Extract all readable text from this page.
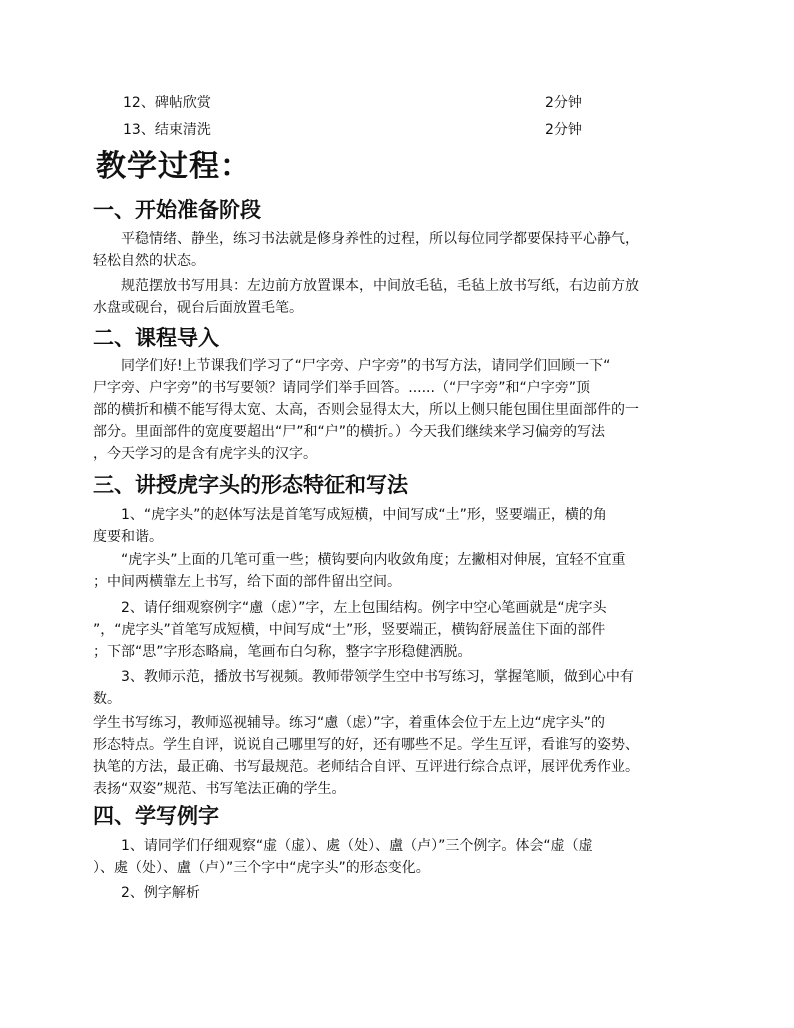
12、碑帖欣赏	2分钟
13、结束清洗	2分钟
教学过程：
一、开始准备阶段
　　平稳情绪、静坐，练习书法就是修身养性的过程，所以每位同学都要保持平心静气，
轻松自然的状态。
　　规范摆放书写用具：左边前方放置课本，中间放毛毡，毛毡上放书写纸，右边前方放
水盘或砚台，砚台后面放置毛笔。
二、课程导入
　　同学们好!上节课我们学习了“尸字旁、户字旁”的书写方法，请同学们回顾一下“
尸字旁、户字旁”的书写要领？请同学们举手回答。......（“尸字旁”和“户字旁”顶
部的横折和横不能写得太宽、太高，否则会显得太大，所以上侧只能包围住里面部件的一
部分。里面部件的宽度要超出“尸”和“户”的横折。）今天我们继续来学习偏旁的写法
，今天学习的是含有虎字头的汉字。
三、讲授虎字头的形态特征和写法
　　1、“虎字头”的赵体写法是首笔写成短横，中间写成“土”形，竖要端正，横的角
度要和谐。
　　“虎字头”上面的几笔可重一些；横钩要向内收敛角度；左撇相对伸展，宜轻不宜重
；中间两横靠左上书写，给下面的部件留出空间。
　　2、请仔细观察例字“慮（虑）”字，左上包围结构。例字中空心笔画就是“虎字头
”，“虎字头”首笔写成短横，中间写成“土”形，竖要端正，横钩舒展盖住下面的部件
；下部“思”字形态略扁，笔画布白匀称，整字字形稳健洒脱。
　　3、教师示范，播放书写视频。教师带领学生空中书写练习，掌握笔顺，做到心中有
数。
学生书写练习，教师巡视辅导。练习“慮（虑）”字，着重体会位于左上边“虎字头”的
形态特点。学生自评，说说自己哪里写的好，还有哪些不足。学生互评，看谁写的姿势、
执笔的方法，最正确、书写最规范。老师结合自评、互评进行综合点评，展评优秀作业。
表扬“双姿”规范、书写笔法正确的学生。
四、学写例字
　　1、请同学们仔细观察“虚（虚）、處（处）、盧（卢）”三个例字。体会“虚（虚
）、處（处）、盧（卢）”三个字中“虎字头”的形态变化。
　　2、例字解析
